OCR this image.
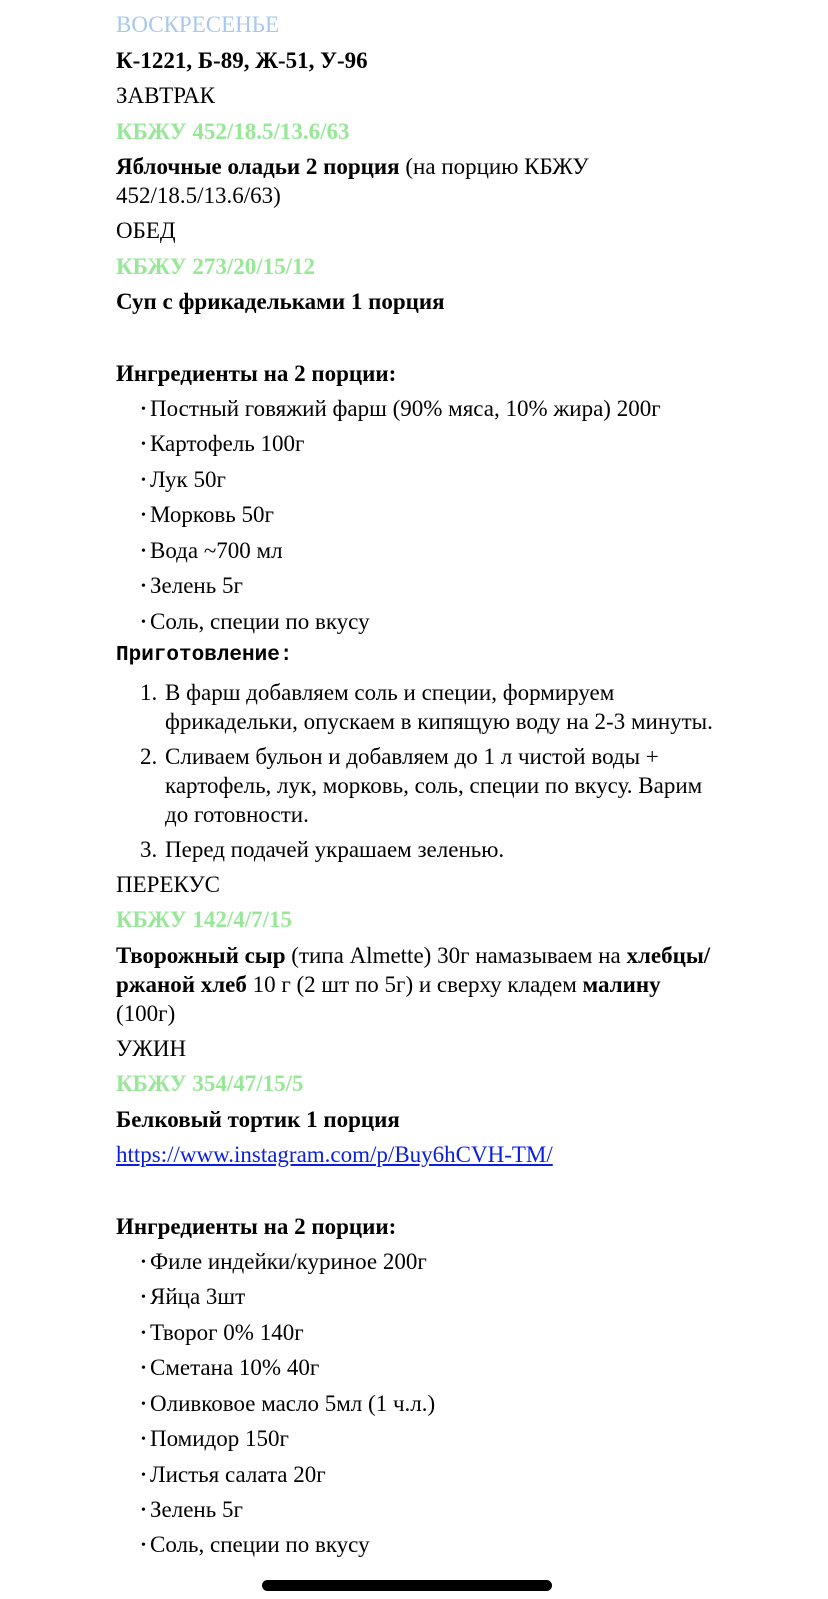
ВОСКРЕСЕНЬЕ
К-1221, Б-89, Ж-51, У-96
ЗАВТРАК
КБЖУ 452/18.5/13.6/63
Яблочные оладьи 2 порция (на порцию КБЖУ
452/18.5/13.6/63)
ОБЕД
КБЖУ 273/20/15/12
Суп с фрикадельками 1 порция
Ингредиенты на 2 порции:
• Постный говяжий фарш (90% мяса, 10% жира) 200г
• Картофель 100г
• Лук 50г
• Морковь 50г
• Вода ~700 мл
• Зелень 5г
• Соль, специи по вкусу
Приготовление:
1. В фарш добавляем соль и специи, формируем
фрикадельки, опускаем в кипящую воду на 2-3 минуты.
2. Сливаем бульон и добавляем до 1 л чистой воды +
картофель, лук, морковь, соль, специи по вкусу. Варим
до готовности.
3. Перед подачей украшаем зеленью.
ПЕРЕКУС
КБЖУ 142/4/7/15
Творожный сыр (типа Almette) 30г намазываем на хлебцы/
ржаной хлеб 10 г (2 шт по 5г) и сверху кладем малину
(100г)
УЖИН
КБЖУ 354/47/15/5
Белковый тортик 1 порция
https://www.instagram.com/p/Buy6hCVH-TM/
Ингредиенты на 2 порции:
• Филе индейки/куриное 200г
• Яйца 3шт
• Творог 0% 140г
• Сметана 10% 40г
• Оливковое масло 5мл (1 ч.л.)
• Помидор 150г
• Листья салата 20г
• Зелень 5г
• Соль, специи по вкусу
